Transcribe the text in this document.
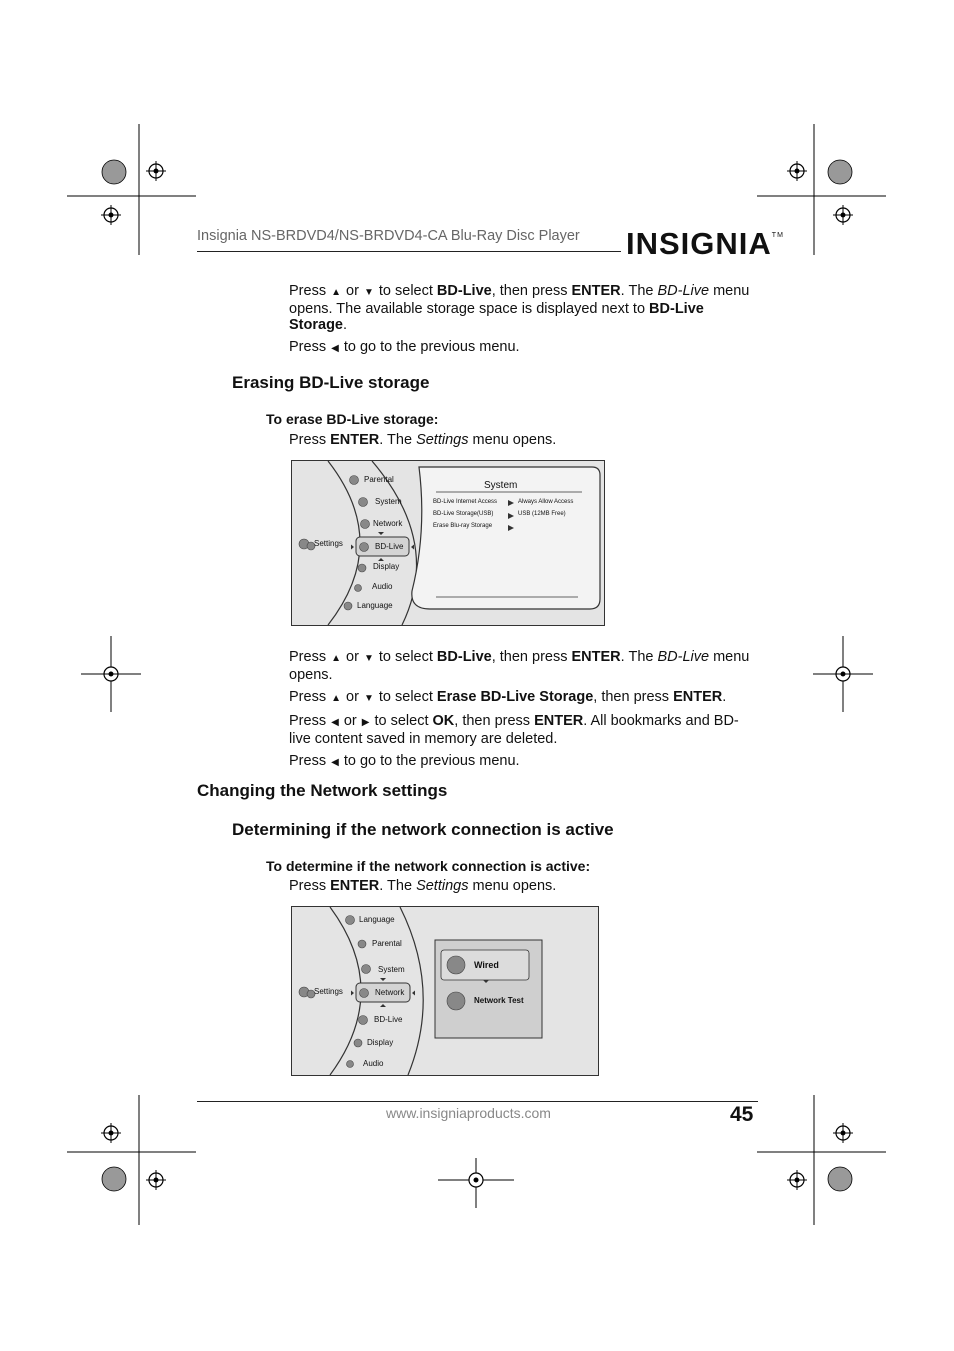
Insignia NS-BRDVD4/NS-BRDVD4-CA Blu-Ray Disc Player INSIGNIA™
Press ▲ or ▼ to select BD-Live, then press ENTER. The BD-Live menu opens. The available storage space is displayed next to BD-Live Storage.
Press ◀ to go to the previous menu.
Erasing BD-Live storage
To erase BD-Live storage:
Press ENTER. The Settings menu opens.
Settings
Parental
System
Network
BD-Live
Display
Audio
Language
System
BD-Live Internet Access	Always Allow Access
BD-Live Storage(USB)	USB (12MB Free)
Erase Blu-ray Storage
Press ▲ or ▼ to select BD-Live, then press ENTER. The BD-Live menu opens.
Press ▲ or ▼ to select Erase BD-Live Storage, then press ENTER.
Press ◀ or ▶ to select OK, then press ENTER. All bookmarks and BD-live content saved in memory are deleted.
Press ◀ to go to the previous menu.
Changing the Network settings
Determining if the network connection is active
To determine if the network connection is active:
Press ENTER. The Settings menu opens.
Settings
Language
Parental
System
Network
BD-Live
Display
Audio
Wired
Network Test
www.insigniaproducts.com	45
